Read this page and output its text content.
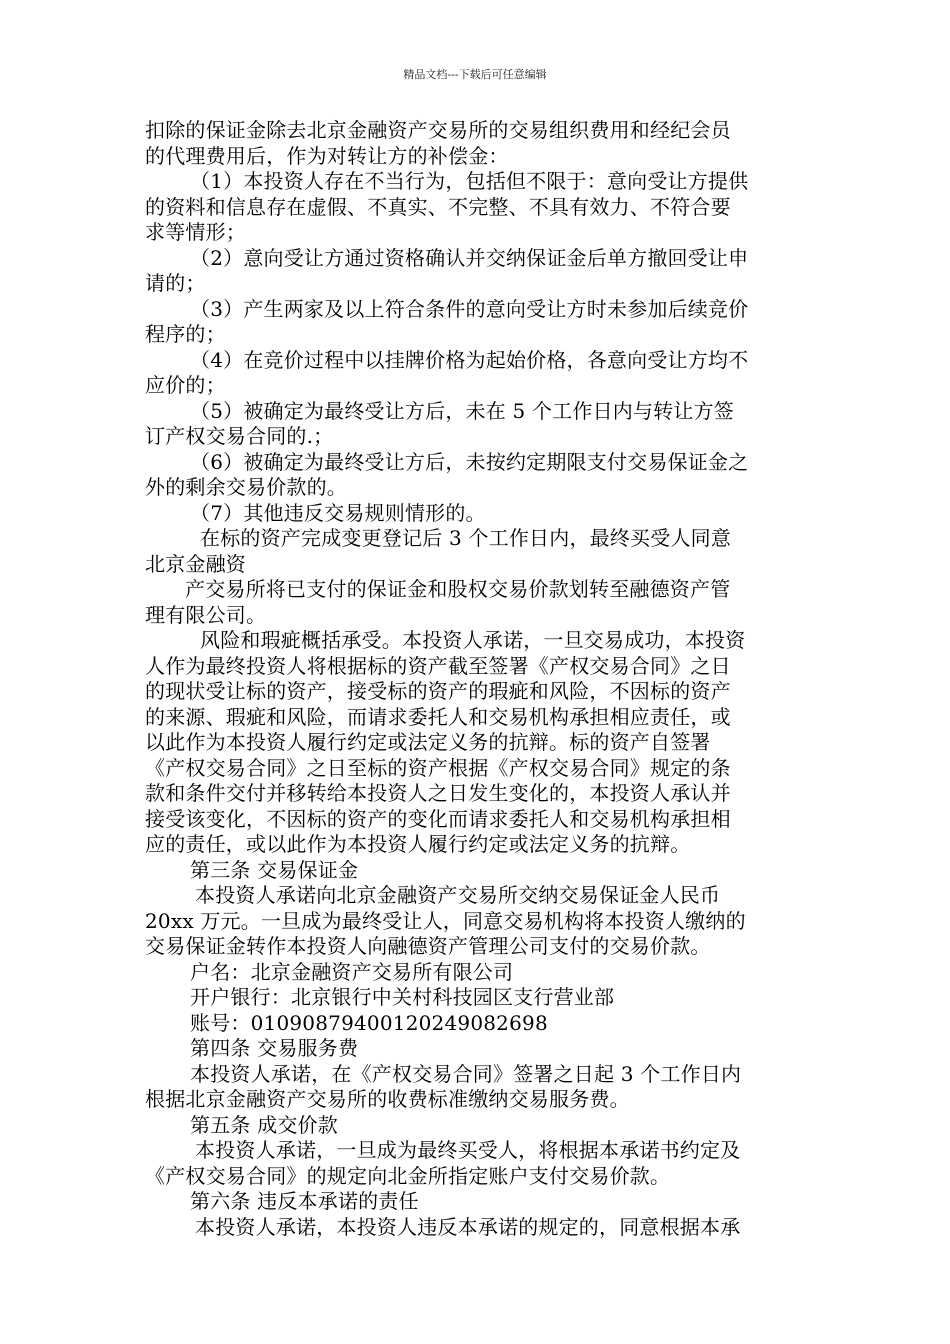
精品文档---下载后可任意编辑
扣除的保证金除去北京金融资产交易所的交易组织费用和经纪会员
的代理费用后，作为对转让方的补偿金：
（1）本投资人存在不当行为，包括但不限于：意向受让方提供
的资料和信息存在虚假、不真实、不完整、不具有效力、不符合要
求等情形；
（2）意向受让方通过资格确认并交纳保证金后单方撤回受让申
请的；
（3）产生两家及以上符合条件的意向受让方时未参加后续竞价
程序的；
（4）在竞价过程中以挂牌价格为起始价格，各意向受让方均不
应价的；
（5）被确定为最终受让方后，未在 5 个工作日内与转让方签
订产权交易合同的.；
（6）被确定为最终受让方后，未按约定期限支付交易保证金之
外的剩余交易价款的。
（7）其他违反交易规则情形的。
在标的资产完成变更登记后 3 个工作日内，最终买受人同意
北京金融资
产交易所将已支付的保证金和股权交易价款划转至融德资产管
理有限公司。
风险和瑕疵概括承受。本投资人承诺，一旦交易成功，本投资
人作为最终投资人将根据标的资产截至签署《产权交易合同》之日
的现状受让标的资产，接受标的资产的瑕疵和风险，不因标的资产
的来源、瑕疵和风险，而请求委托人和交易机构承担相应责任，或
以此作为本投资人履行约定或法定义务的抗辩。标的资产自签署
《产权交易合同》之日至标的资产根据《产权交易合同》规定的条
款和条件交付并移转给本投资人之日发生变化的，本投资人承认并
接受该变化，不因标的资产的变化而请求委托人和交易机构承担相
应的责任，或以此作为本投资人履行约定或法定义务的抗辩。
第三条 交易保证金
本投资人承诺向北京金融资产交易所交纳交易保证金人民币
20xx 万元。一旦成为最终受让人，同意交易机构将本投资人缴纳的
交易保证金转作本投资人向融德资产管理公司支付的交易价款。
户名：北京金融资产交易所有限公司
开户银行：北京银行中关村科技园区支行营业部
账号：01090879400120249082698
第四条 交易服务费
本投资人承诺，在《产权交易合同》签署之日起 3 个工作日内
根据北京金融资产交易所的收费标准缴纳交易服务费。
第五条 成交价款
本投资人承诺，一旦成为最终买受人，将根据本承诺书约定及
《产权交易合同》的规定向北金所指定账户支付交易价款。
第六条 违反本承诺的责任
本投资人承诺，本投资人违反本承诺的规定的，同意根据本承
